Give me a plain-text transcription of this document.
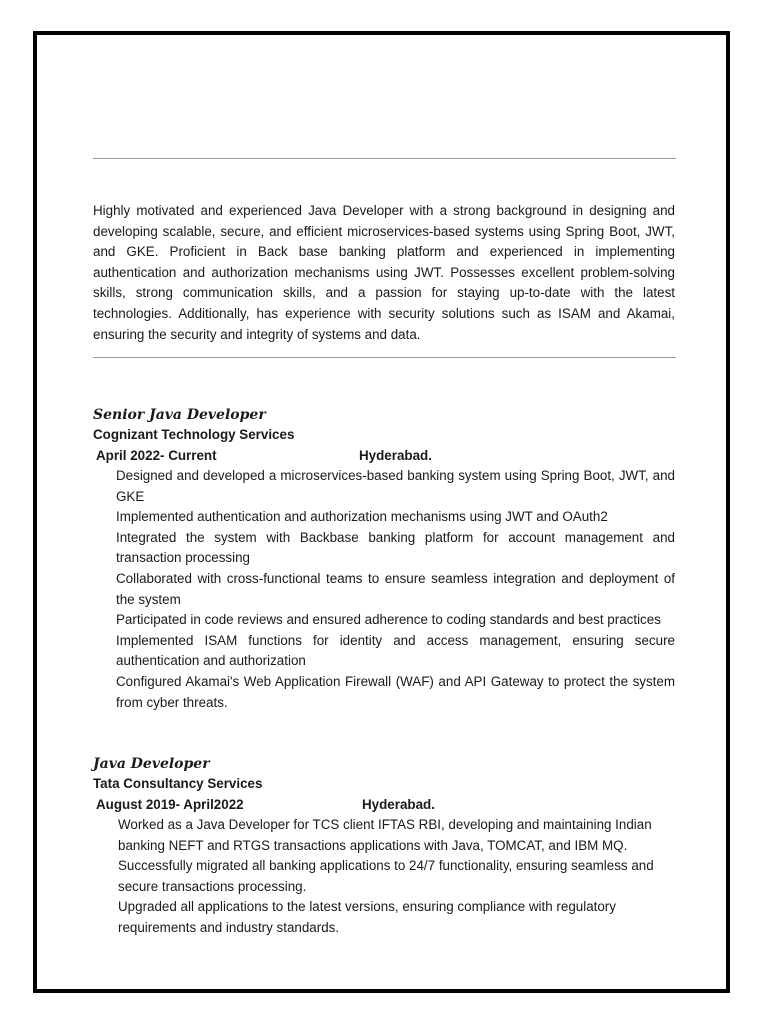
Highly motivated and experienced Java Developer with a strong background in designing and developing scalable, secure, and efficient microservices-based systems using Spring Boot, JWT, and GKE. Proficient in Back base banking platform and experienced in implementing authentication and authorization mechanisms using JWT. Possesses excellent problem-solving skills, strong communication skills, and a passion for staying up-to-date with the latest technologies. Additionally, has experience with security solutions such as ISAM and Akamai, ensuring the security and integrity of systems and data.

Senior Java Developer

Cognizant Technology Services

April 2022- Current	Hyderabad.
Designed and developed a microservices-based banking system using Spring Boot, JWT, and GKE
Implemented authentication and authorization mechanisms using JWT and OAuth2
Integrated the system with Backbase banking platform for account management and transaction processing
Collaborated with cross-functional teams to ensure seamless integration and deployment of the system
Participated in code reviews and ensured adherence to coding standards and best practices
Implemented ISAM functions for identity and access management, ensuring secure authentication and authorization
Configured Akamai's Web Application Firewall (WAF) and API Gateway to protect the system from cyber threats.

Java Developer

Tata Consultancy Services

August 2019- April2022	Hyderabad.
Worked as a Java Developer for TCS client IFTAS RBI, developing and maintaining Indian banking NEFT and RTGS transactions applications with Java, TOMCAT, and IBM MQ.
Successfully migrated all banking applications to 24/7 functionality, ensuring seamless and secure transactions processing.
Upgraded all applications to the latest versions, ensuring compliance with regulatory requirements and industry standards.
